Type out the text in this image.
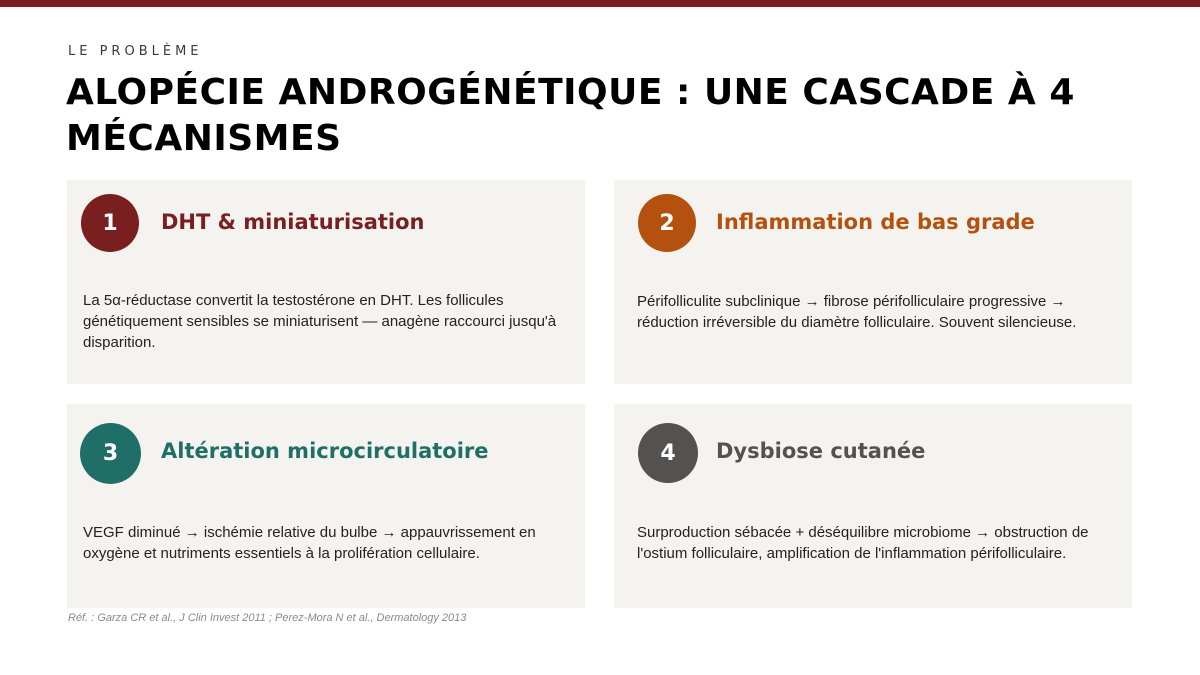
LE PROBLÈME
ALOPÉCIE ANDROGÉNÉTIQUE : UNE CASCADE À 4 MÉCANISMES
1	DHT & miniaturisation
La 5α-réductase convertit la testostérone en DHT. Les follicules génétiquement sensibles se miniaturisent — anagène raccourci jusqu'à disparition.
2	Inflammation de bas grade
Périfolliculite subclinique → fibrose périfolliculaire progressive → réduction irréversible du diamètre folliculaire. Souvent silencieuse.
3	Altération microcirculatoire
VEGF diminué → ischémie relative du bulbe → appauvrissement en oxygène et nutriments essentiels à la prolifération cellulaire.
4	Dysbiose cutanée
Surproduction sébacée + déséquilibre microbiome → obstruction de l'ostium folliculaire, amplification de l'inflammation périfolliculaire.
Réf. : Garza CR et al., J Clin Invest 2011 ; Perez-Mora N et al., Dermatology 2013
